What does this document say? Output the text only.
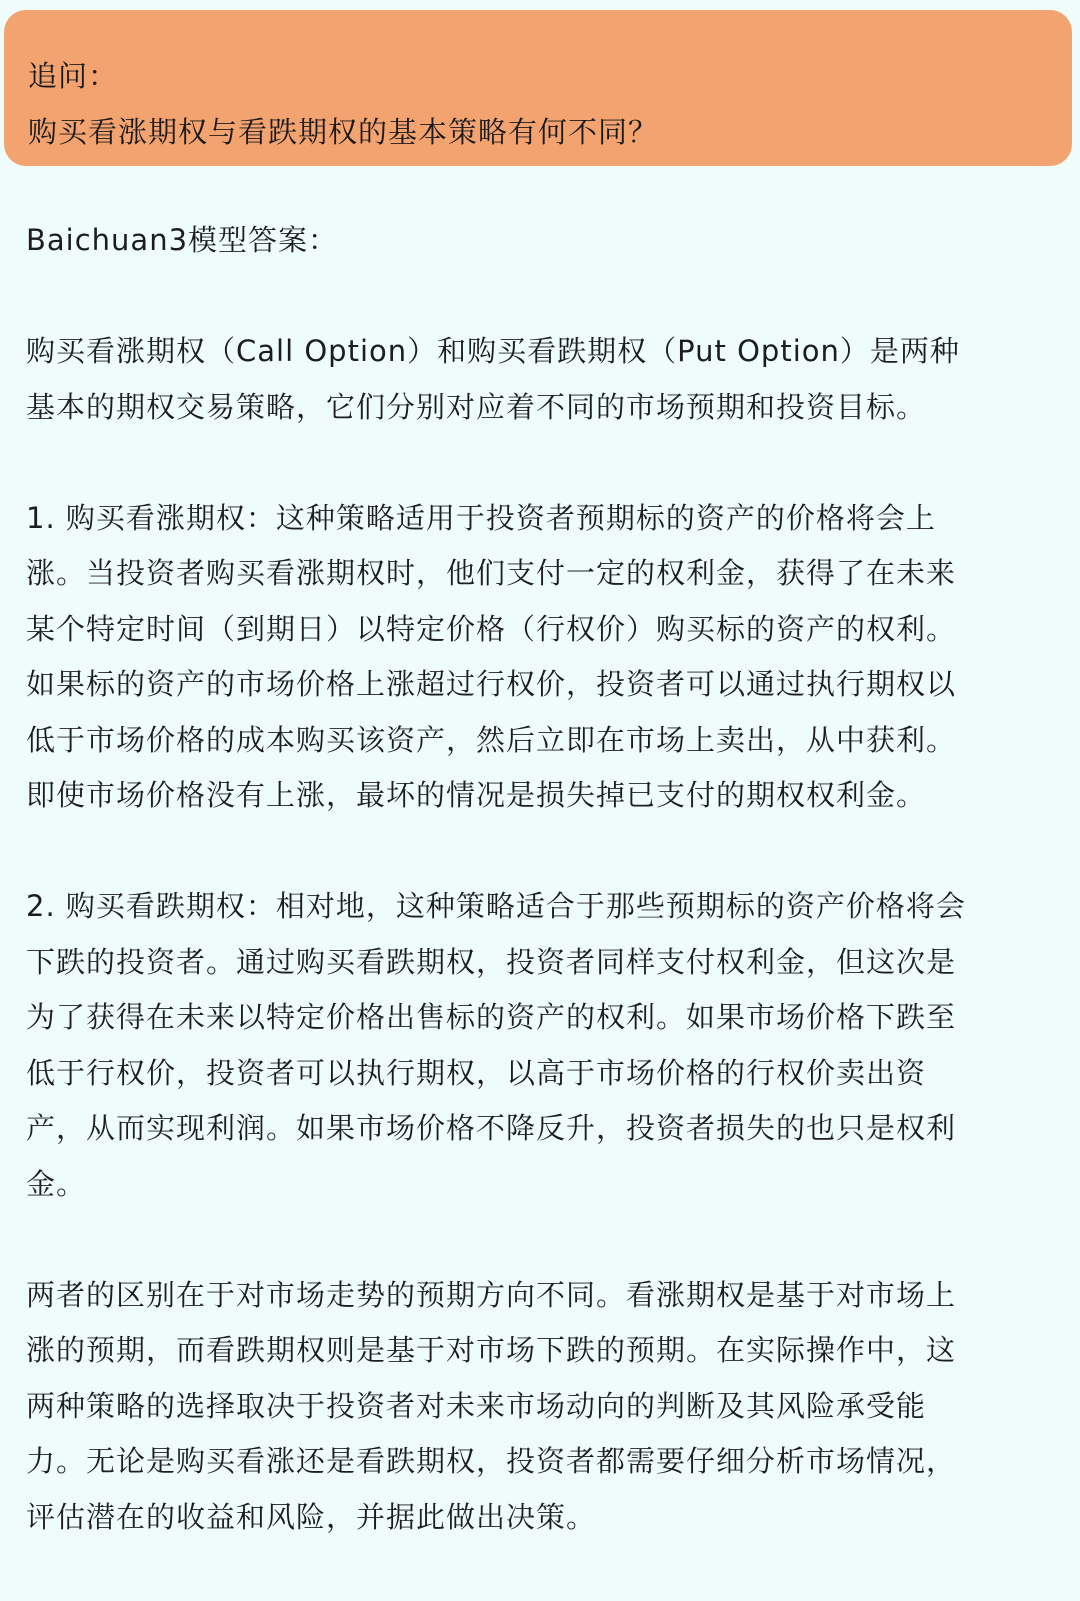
追问：
购买看涨期权与看跌期权的基本策略有何不同？
Baichuan3模型答案：
购买看涨期权（Call Option）和购买看跌期权（Put Option）是两种
基本的期权交易策略，它们分别对应着不同的市场预期和投资目标。
1. 购买看涨期权：这种策略适用于投资者预期标的资产的价格将会上
涨。当投资者购买看涨期权时，他们支付一定的权利金，获得了在未来
某个特定时间（到期日）以特定价格（行权价）购买标的资产的权利。
如果标的资产的市场价格上涨超过行权价，投资者可以通过执行期权以
低于市场价格的成本购买该资产，然后立即在市场上卖出，从中获利。
即使市场价格没有上涨，最坏的情况是损失掉已支付的期权权利金。
2. 购买看跌期权：相对地，这种策略适合于那些预期标的资产价格将会
下跌的投资者。通过购买看跌期权，投资者同样支付权利金，但这次是
为了获得在未来以特定价格出售标的资产的权利。如果市场价格下跌至
低于行权价，投资者可以执行期权，以高于市场价格的行权价卖出资
产，从而实现利润。如果市场价格不降反升，投资者损失的也只是权利
金。
两者的区别在于对市场走势的预期方向不同。看涨期权是基于对市场上
涨的预期，而看跌期权则是基于对市场下跌的预期。在实际操作中，这
两种策略的选择取决于投资者对未来市场动向的判断及其风险承受能
力。无论是购买看涨还是看跌期权，投资者都需要仔细分析市场情况，
评估潜在的收益和风险，并据此做出决策。
